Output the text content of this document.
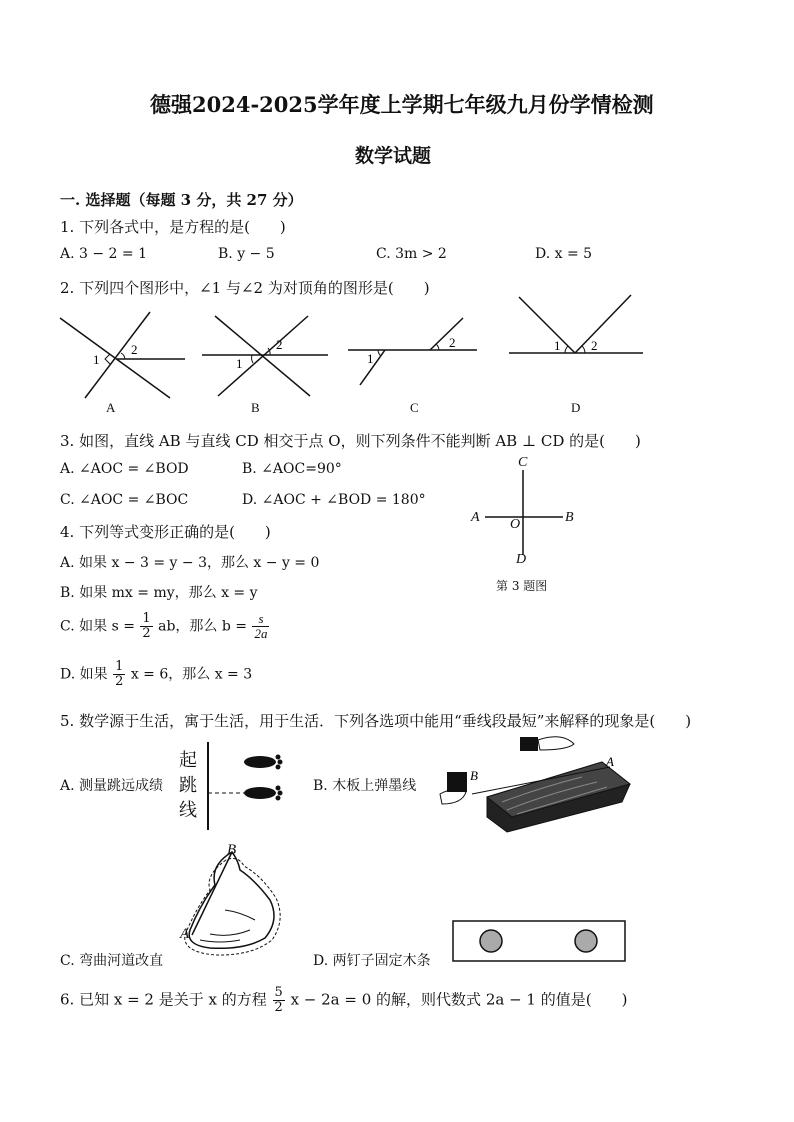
德强2024-2025学年度上学期七年级九月份学情检测
数学试题
一. 选择题（每题 3 分，共 27 分）
1. 下列各式中，是方程的是(　　)
A. 3 − 2 = 1	B. y − 5	C. 3m > 2	D. x = 5
2. 下列四个图形中，∠1 与∠2 为对顶角的图形是(　　)
1
2
A
1
2
B
1
2
C
1 2
D
3. 如图，直线 AB 与直线 CD 相交于点 O，则下列条件不能判断 AB ⊥ CD 的是(　　)
A. ∠AOC = ∠BOD	B. ∠AOC=90°
C. ∠AOC = ∠BOC	D. ∠AOC + ∠BOD = 180°
C
A O	B
D
第 3 题图
4. 下列等式变形正确的是(　　)
A. 如果 x − 3 = y − 3，那么 x − y = 0
B. 如果 mx = my，那么 x = y
C. 如果 $s = \frac{1}{2}$ ab，那么 $b = \frac{s}{2a}$
D. 如果 $\frac{1}{2}$ x = 6，那么 x = 3
5. 数学源于生活，寓于生活，用于生活．下列各选项中能用“垂线段最短”来解释的现象是(　　)
A. 测量跳远成绩
起
跳
线
B. 木板上弹墨线
B
A
B
A
C. 弯曲河道改直	D. 两钉子固定木条
6. 已知 x = 2 是关于 x 的方程 $\frac{5}{2}$ x − 2a = 0 的解，则代数式 2a − 1 的值是(　　)
